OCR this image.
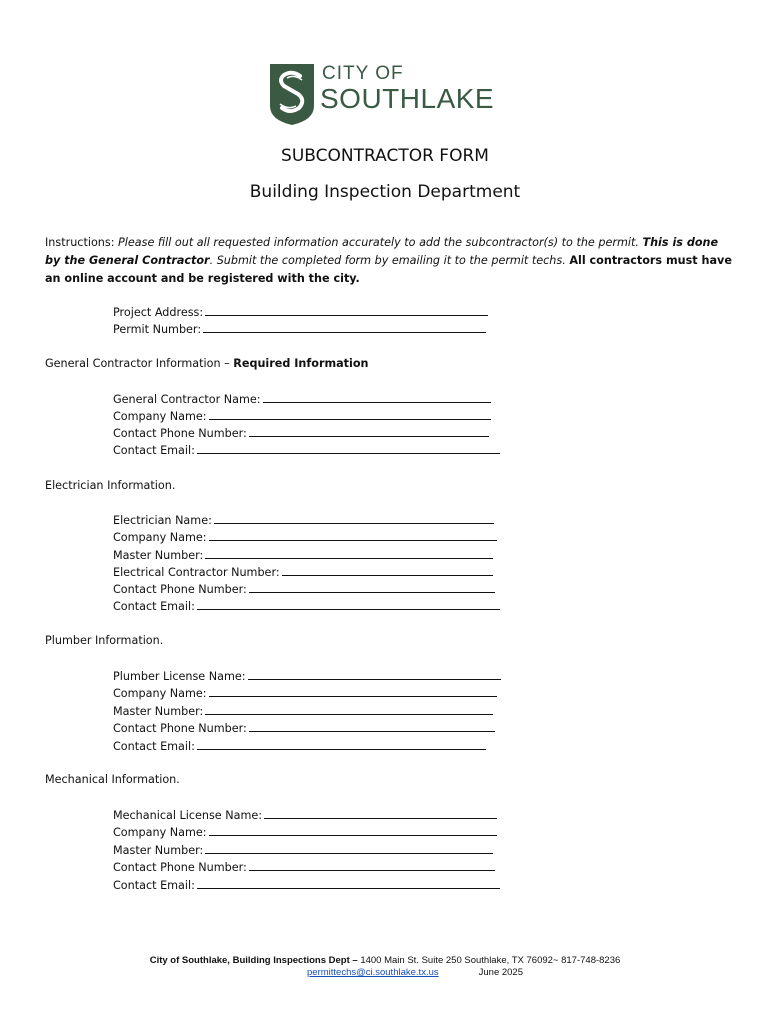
CITY OF
SOUTHLAKE
SUBCONTRACTOR FORM
Building Inspection Department
Instructions: Please fill out all requested information accurately to add the subcontractor(s) to the permit. This is done by the General Contractor. Submit the completed form by emailing it to the permit techs. All contractors must have an online account and be registered with the city.
Project Address:
Permit Number:
General Contractor Information – Required Information
General Contractor Name:
Company Name:
Contact Phone Number:
Contact Email:
Electrician Information.
Electrician Name:
Company Name:
Master Number:
Electrical Contractor Number:
Contact Phone Number:
Contact Email:
Plumber Information.
Plumber License Name:
Company Name:
Master Number:
Contact Phone Number:
Contact Email:
Mechanical Information.
Mechanical License Name:
Company Name:
Master Number:
Contact Phone Number:
Contact Email:
City of Southlake, Building Inspections Dept – 1400 Main St. Suite 250 Southlake, TX 76092~ 817-748-8236
permittechs@ci.southlake.tx.us	June 2025
